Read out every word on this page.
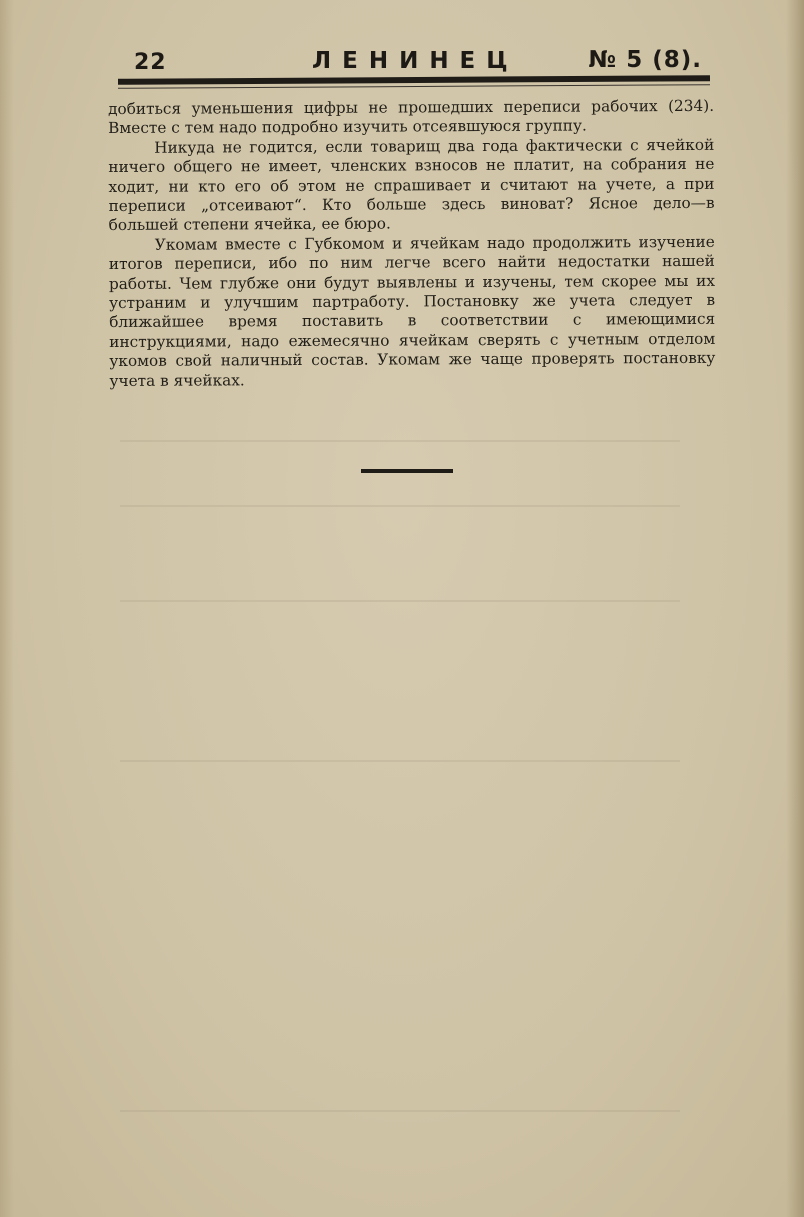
22	ЛЕНИНЕЦ	№ 5 (8).

добиться уменьшения цифры не прошедших переписи рабочих (234). Вместе с тем надо подробно изучить отсеявшуюся группу.

Никуда не годится, если товарищ два года фактически с ячейкой ничего общего не имеет, членских взносов не платит, на собрания не ходит, ни кто его об этом не спрашивает и считают на учете, а при переписи „отсеивают“. Кто больше здесь виноват? Ясное дело—в большей степени ячейка, ее бюро.

Укомам вместе с Губкомом и ячейкам надо продолжить изучение итогов переписи, ибо по ним легче всего найти недостатки нашей работы. Чем глубже они будут выявлены и изучены, тем скорее мы их устраним и улучшим партработу. Постановку же учета следует в ближайшее время поставить в соответствии с имеющимися инструкциями, надо ежемесячно ячейкам сверять с учетным отделом укомов свой наличный состав. Укомам же чаще проверять постановку учета в ячейках.
